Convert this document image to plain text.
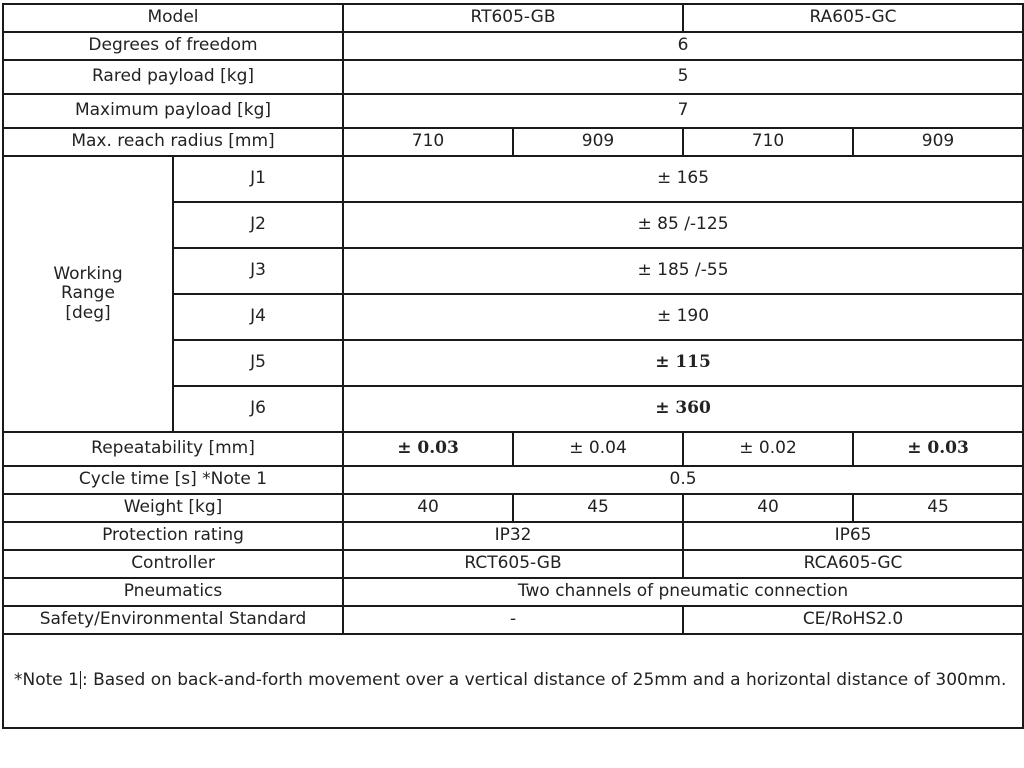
Model		RT605-GB		RA605-GC	
Degrees of freedom		6			
Rared payload [kg]		5			
Maximum payload [kg]		7			
Max. reach radius [mm]		710	909	710	909

Working
Range
[deg]	J1	± 165			
	J2	± 85 /-125			
	J3	± 185 /-55			
	J4	± 190			
	J5	± 115			
	J6	± 360			
Repeatability [mm]		± 0.03	± 0.04	± 0.02	± 0.03
Cycle time [s] *Note 1		0.5			
Weight [kg]		40	45	40	45
Protection rating		IP32		IP65	
Controller		RCT605-GB		RCA605-GC	
Pneumatics		Two channels of pneumatic connection			
Safety/Environmental Standard		-		CE/RoHS2.0	
*Note 1 : Based on back-and-forth movement over a vertical distance of 25mm and a horizontal distance of 300mm.					
